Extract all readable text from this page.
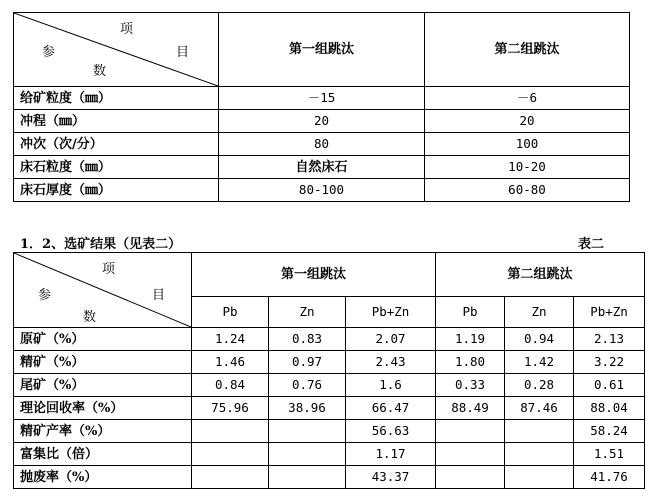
项
参 目
数	第一组跳汰	第二组跳汰
给矿粒度（㎜）	－15	－6
冲程（㎜）	20	20
冲次（次/分）	80	100
床石粒度（㎜）	自然床石	10-20
床石厚度（㎜）	80-100	60-80
1．2、选矿结果（见表二）	表二
项
参 目
数	第一组跳汰			第二组跳汰		
	Pb	Zn	Pb+Zn	Pb	Zn	Pb+Zn
原矿（%）	1.24	0.83	2.07	1.19	0.94	2.13
精矿（%）	1.46	0.97	2.43	1.80	1.42	3.22
尾矿（%）	0.84	0.76	1.6	0.33	0.28	0.61
理论回收率（%）	75.96	38.96	66.47	88.49	87.46	88.04
精矿产率（%）			56.63			58.24
富集比（倍）			1.17			1.51
抛废率（%）			43.37			41.76
